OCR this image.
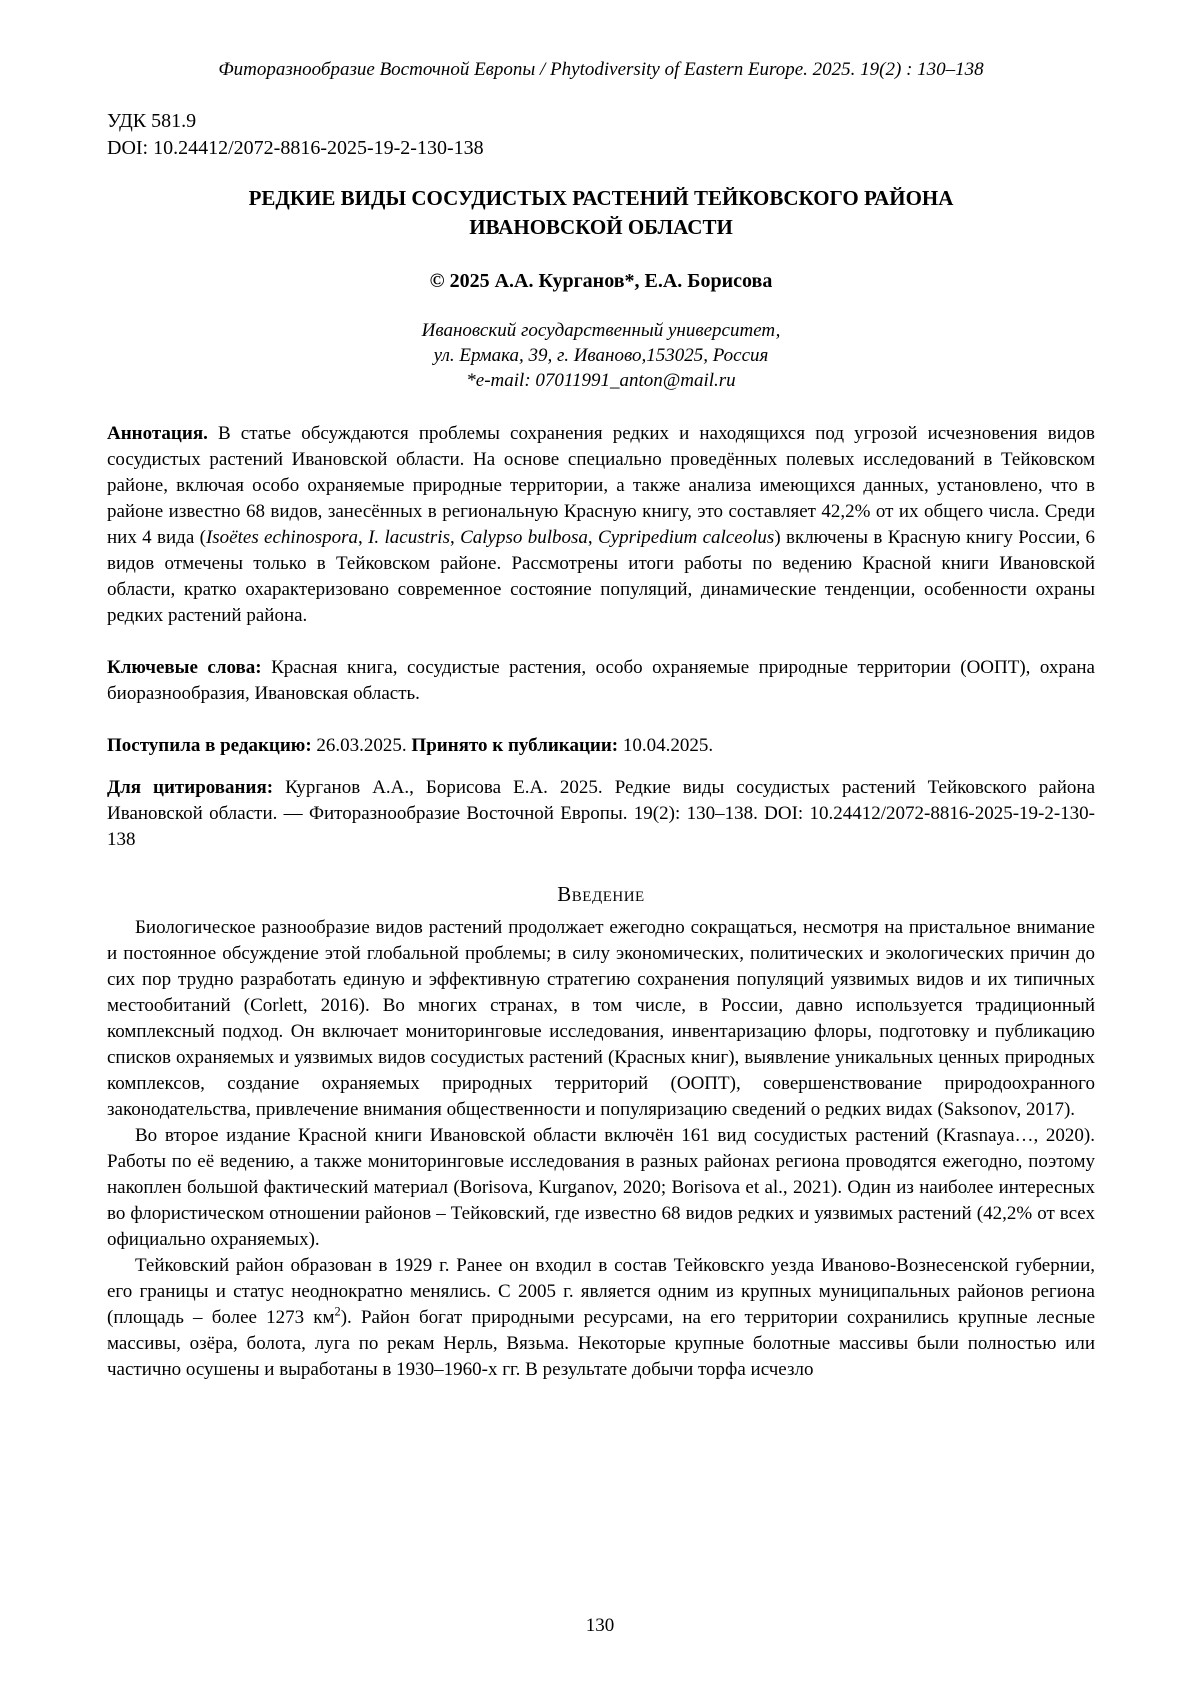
Фиторазнообразие Восточной Европы / Phytodiversity of Eastern Europe. 2025. 19(2) : 130–138
УДК 581.9
DOI: 10.24412/2072-8816-2025-19-2-130-138
РЕДКИЕ ВИДЫ СОСУДИСТЫХ РАСТЕНИЙ ТЕЙКОВСКОГО РАЙОНА
ИВАНОВСКОЙ ОБЛАСТИ
© 2025 А.А. Курганов*, Е.А. Борисова
Ивановский государственный университет,
ул. Ермака, 39, г. Иваново,153025, Россия
*e-mail: 07011991_anton@mail.ru

Аннотация. В статье обсуждаются проблемы сохранения редких и находящихся под угрозой исчезновения видов сосудистых растений Ивановской области. На основе специально проведённых полевых исследований в Тейковском районе, включая особо охраняемые природные территории, а также анализа имеющихся данных, установлено, что в районе известно 68 видов, занесённых в региональную Красную книгу, это составляет 42,2% от их общего числа. Среди них 4 вида (Isoëtes echinospora, I. lacustris, Calypso bulbosa, Cypripedium calceolus) включены в Красную книгу России, 6 видов отмечены только в Тейковском районе. Рассмотрены итоги работы по ведению Красной книги Ивановской области, кратко охарактеризовано современное состояние популяций, динамические тенденции, особенности охраны редких растений района.

Ключевые слова: Красная книга, сосудистые растения, особо охраняемые природные территории (ООПТ), охрана биоразнообразия, Ивановская область.

Поступила в редакцию: 26.03.2025. Принято к публикации: 10.04.2025.

Для цитирования: Курганов А.А., Борисова Е.А. 2025. Редкие виды сосудистых растений Тейковского района Ивановской области. — Фиторазнообразие Восточной Европы. 19(2): 130–138. DOI: 10.24412/2072-8816-2025-19-2-130-138

Введение

Биологическое разнообразие видов растений продолжает ежегодно сокращаться, несмотря на пристальное внимание и постоянное обсуждение этой глобальной проблемы; в силу экономических, политических и экологических причин до сих пор трудно разработать единую и эффективную стратегию сохранения популяций уязвимых видов и их типичных местообитаний (Corlett, 2016). Во многих странах, в том числе, в России, давно используется традиционный комплексный подход. Он включает мониторинговые исследования, инвентаризацию флоры, подготовку и публикацию списков охраняемых и уязвимых видов сосудистых растений (Красных книг), выявление уникальных ценных природных комплексов, создание охраняемых природных территорий (ООПТ), совершенствование природоохранного законодательства, привлечение внимания общественности и популяризацию сведений о редких видах (Saksonov, 2017).

Во второе издание Красной книги Ивановской области включён 161 вид сосудистых растений (Krasnaya…, 2020). Работы по её ведению, а также мониторинговые исследования в разных районах региона проводятся ежегодно, поэтому накоплен большой фактический материал (Borisova, Kurganov, 2020; Borisova et al., 2021). Один из наиболее интересных во флористическом отношении районов – Тейковский, где известно 68 видов редких и уязвимых растений (42,2% от всех официально охраняемых).

Тейковский район образован в 1929 г. Ранее он входил в состав Тейковскго уезда Иваново-Вознесенской губернии, его границы и статус неоднократно менялись. С 2005 г. является одним из крупных муниципальных районов региона (площадь – более 1273 $км^2$). Район богат природными ресурсами, на его территории сохранились крупные лесные массивы, озёра, болота, луга по рекам Нерль, Вязьма. Некоторые крупные болотные массивы были полностью или частично осушены и выработаны в 1930–1960-х гг. В результате добычи торфа исчезло

130
